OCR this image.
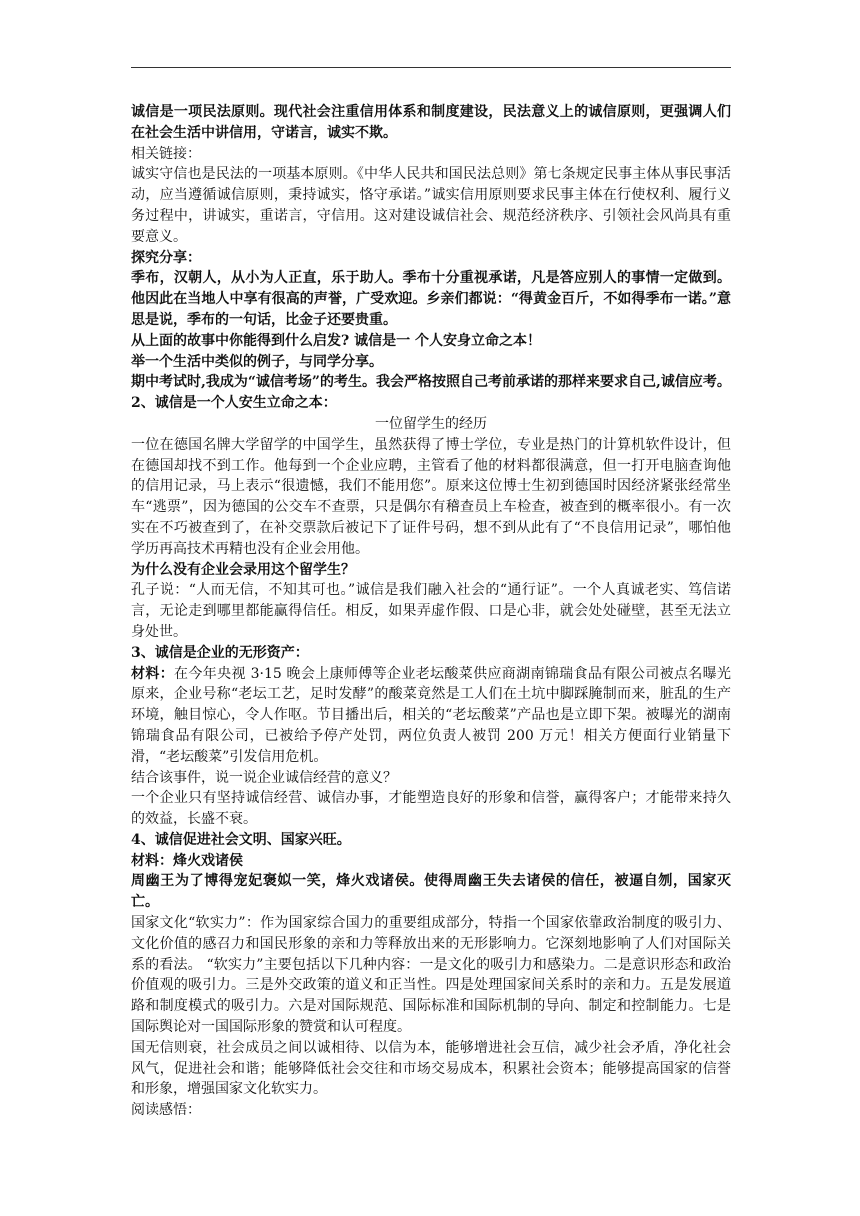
诚信是一项民法原则。现代社会注重信用体系和制度建设，民法意义上的诚信原则，更强调人们在社会生活中讲信用，守诺言，诚实不欺。

相关链接：

诚实守信也是民法的一项基本原则。《中华人民共和国民法总则》第七条规定民事主体从事民事活动，应当遵循诚信原则，秉持诚实，恪守承诺。”诚实信用原则要求民事主体在行使权利、履行义务过程中，讲诚实，重诺言，守信用。这对建设诚信社会、规范经济秩序、引领社会风尚具有重要意义。

探究分享：

季布，汉朝人，从小为人正直，乐于助人。季布十分重视承诺，凡是答应别人的事情一定做到。他因此在当地人中享有很高的声誉，广受欢迎。乡亲们都说：“得黄金百斤，不如得季布一诺。”意思是说，季布的一句话，比金子还要贵重。

从上面的故事中你能得到什么启发? 诚信是一 个人安身立命之本！

举一个生活中类似的例子，与同学分享。

期中考试时,我成为“诚信考场”的考生。我会严格按照自己考前承诺的那样来要求自己,诚信应考。

2、诚信是一个人安生立命之本：

一位留学生的经历

一位在德国名牌大学留学的中国学生，虽然获得了博士学位，专业是热门的计算机软件设计，但在德国却找不到工作。他每到一个企业应聘，主管看了他的材料都很满意，但一打开电脑查询他的信用记录，马上表示“很遗憾，我们不能用您”。原来这位博士生初到德国时因经济紧张经常坐车“逃票”，因为德国的公交车不查票，只是偶尔有稽查员上车检查，被查到的概率很小。有一次实在不巧被查到了，在补交票款后被记下了证件号码，想不到从此有了“不良信用记录”，哪怕他学历再高技术再精也没有企业会用他。

为什么没有企业会录用这个留学生？

孔子说：“人而无信，不知其可也。”诚信是我们融入社会的“通行证”。一个人真诚老实、笃信诺言，无论走到哪里都能赢得信任。相反，如果弄虚作假、口是心非，就会处处碰壁，甚至无法立身处世。

3、诚信是企业的无形资产：

材料：在今年央视 3·15 晚会上康师傅等企业老坛酸菜供应商湖南锦瑞食品有限公司被点名曝光原来，企业号称“老坛工艺，足时发酵”的酸菜竟然是工人们在土坑中脚踩腌制而来，脏乱的生产环境，触目惊心，令人作呕。节目播出后，相关的“老坛酸菜”产品也是立即下架。被曝光的湖南锦瑞食品有限公司，已被给予停产处罚，两位负责人被罚 200 万元！相关方便面行业销量下滑，“老坛酸菜”引发信用危机。

结合该事件，说一说企业诚信经营的意义？

一个企业只有坚持诚信经营、诚信办事，才能塑造良好的形象和信誉，赢得客户；才能带来持久的效益，长盛不衰。

4、诚信促进社会文明、国家兴旺。

材料：烽火戏诸侯

周幽王为了博得宠妃褒姒一笑，烽火戏诸侯。使得周幽王失去诸侯的信任，被逼自刎，国家灭亡。

国家文化“软实力”：作为国家综合国力的重要组成部分，特指一个国家依靠政治制度的吸引力、文化价值的感召力和国民形象的亲和力等释放出来的无形影响力。它深刻地影响了人们对国际关系的看法。 “软实力”主要包括以下几种内容：一是文化的吸引力和感染力。二是意识形态和政治价值观的吸引力。三是外交政策的道义和正当性。四是处理国家间关系时的亲和力。五是发展道路和制度模式的吸引力。六是对国际规范、国际标准和国际机制的导向、制定和控制能力。七是国际舆论对一国国际形象的赞赏和认可程度。

国无信则衰，社会成员之间以诚相待、以信为本，能够增进社会互信，减少社会矛盾，净化社会风气，促进社会和谐；能够降低社会交往和市场交易成本，积累社会资本；能够提高国家的信誉和形象，增强国家文化软实力。

阅读感悟：
